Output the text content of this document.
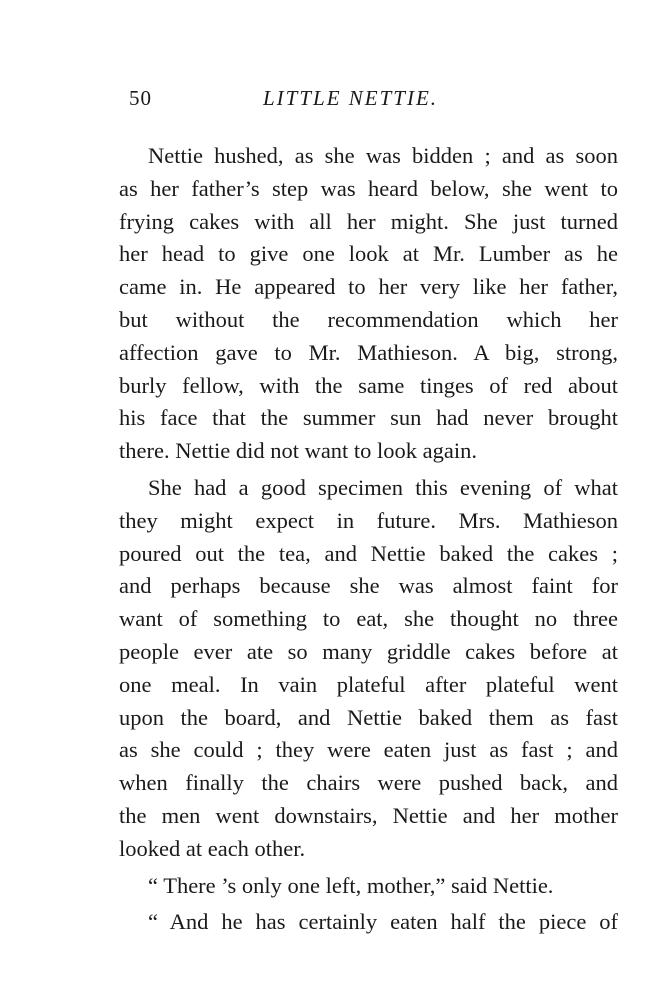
50	LITTLE NETTIE.
Nettie hushed, as she was bidden ; and as soon
as her father’s step was heard below, she went to
frying cakes with all her might. She just turned
her head to give one look at Mr. Lumber as he
came in. He appeared to her very like her father,
but without the recommendation which her
affection gave to Mr. Mathieson. A big, strong,
burly fellow, with the same tinges of red about
his face that the summer sun had never brought
there. Nettie did not want to look again.
She had a good specimen this evening of what
they might expect in future. Mrs. Mathieson
poured out the tea, and Nettie baked the cakes ;
and perhaps because she was almost faint for
want of something to eat, she thought no three
people ever ate so many griddle cakes before at
one meal. In vain plateful after plateful went
upon the board, and Nettie baked them as fast
as she could ; they were eaten just as fast ; and
when finally the chairs were pushed back, and
the men went downstairs, Nettie and her mother
looked at each other.
“ There ’s only one left, mother,” said Nettie.
“ And he has certainly eaten half the piece of
